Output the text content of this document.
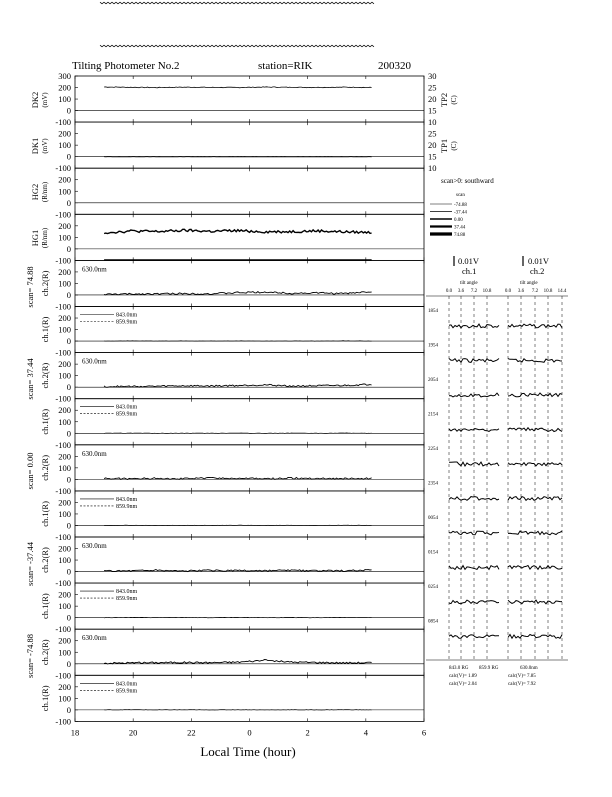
Tilting Photometer No.2	station=RIK	200320
300
200
100
0
-100
200
100
0
-100
200
100
0
-100
200
100
0
-100
200
100
0
-100
200
100
0
-100
200
100
0
-100
200
100
0
-100
200
100
0
-100
200
100
0
-100
200
100
0
-100
200
100
0
-100
200
100
0
-100
200
100
0
-100
30
25
20
15
10
25
20
15
10
ch.2(R)
ch.1(R)
630.0nm
843.0nm
859.9nm
ch.2(R)
ch.1(R)
630.0nm
843.0nm
859.9nm
ch.2(R)
ch.1(R)
630.0nm
843.0nm
859.9nm
ch.2(R)
ch.1(R)
630.0nm
843.0nm
859.9nm
ch.2(R)
ch.1(R)
630.0nm
843.0nm
859.9nm
18	20	22	0	2	4	6
DK2 (mV)
DK1 (mV)
HG2 (R/nm)
HG1 (R/nm)
TP2 (C)
TP1 (C)
scan>0: southward
scan
-74.88
-37.44
0.00
37.44
74.88
scan= 74.88
scan= 37.44
scan= 0.00
scan= -37.44
scan= -74.88
Local Time (hour)
0.01V	0.01V
ch.1	ch.2
tilt angle	tilt angle
843.0 RG 859.9 RG	630.0nm
calc(V)= 1.89
calc(V)= 2.04
calc(V)= 7.85
calc(V)= 7.92
0.0 3.6 7.2 10.8	0.0 3.6 7.2 10.8 14.4
1854
1954
2054
2154
2254
2354
0054
0154
0254
0854
